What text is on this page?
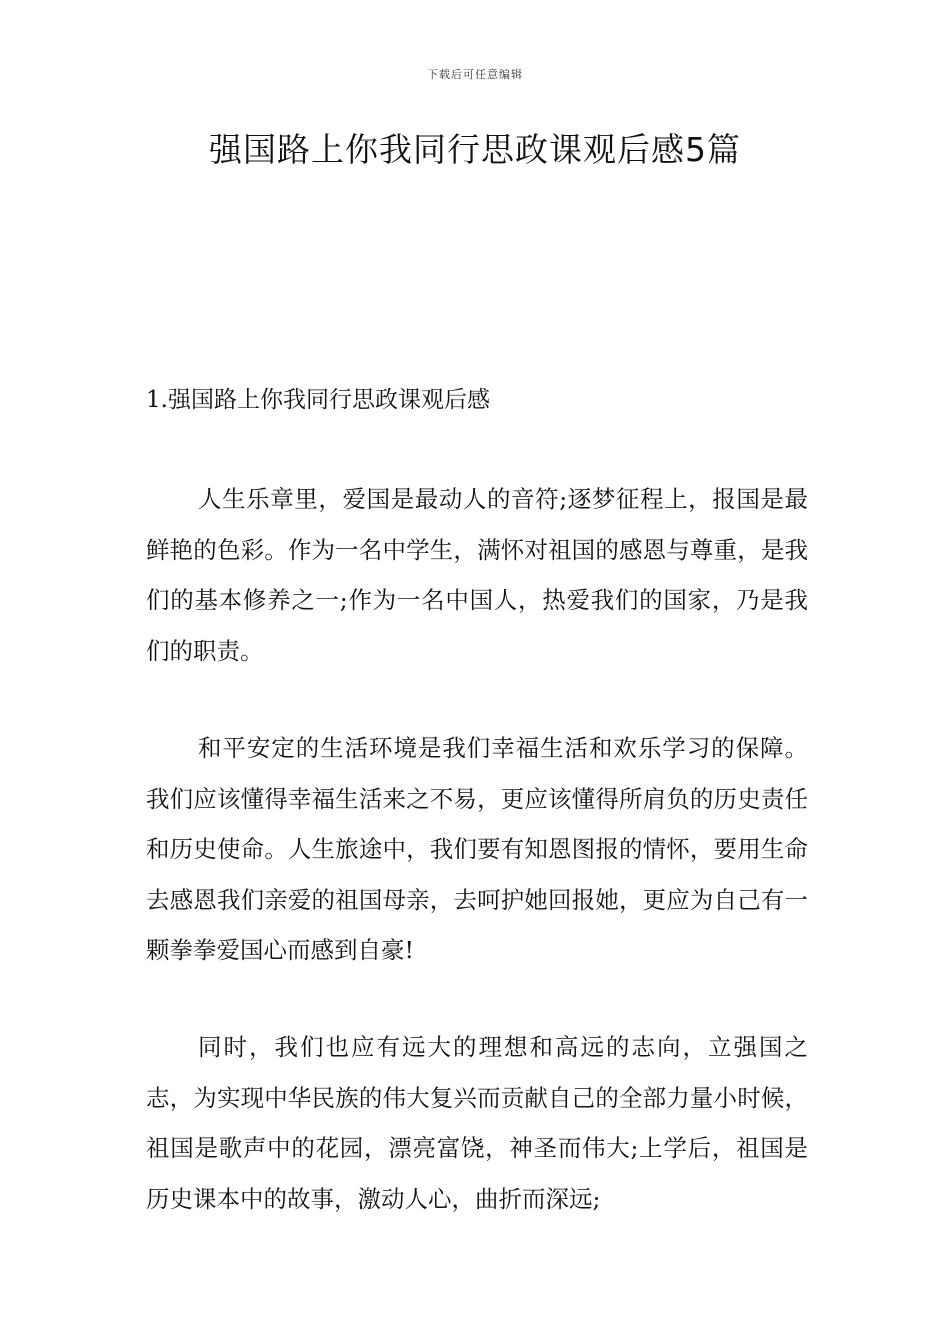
下载后可任意编辑
强国路上你我同行思政课观后感5篇
1.强国路上你我同行思政课观后感

人生乐章里，爱国是最动人的音符;逐梦征程上，报国是最鲜艳的色彩。作为一名中学生，满怀对祖国的感恩与尊重，是我们的基本修养之一;作为一名中国人，热爱我们的国家，乃是我们的职责。

和平安定的生活环境是我们幸福生活和欢乐学习的保障。我们应该懂得幸福生活来之不易，更应该懂得所肩负的历史责任和历史使命。人生旅途中，我们要有知恩图报的情怀，要用生命去感恩我们亲爱的祖国母亲，去呵护她回报她，更应为自己有一颗拳拳爱国心而感到自豪!

同时，我们也应有远大的理想和高远的志向，立强国之志，为实现中华民族的伟大复兴而贡献自己的全部力量小时候，祖国是歌声中的花园，漂亮富饶，神圣而伟大;上学后，祖国是历史课本中的故事，激动人心，曲折而深远;
